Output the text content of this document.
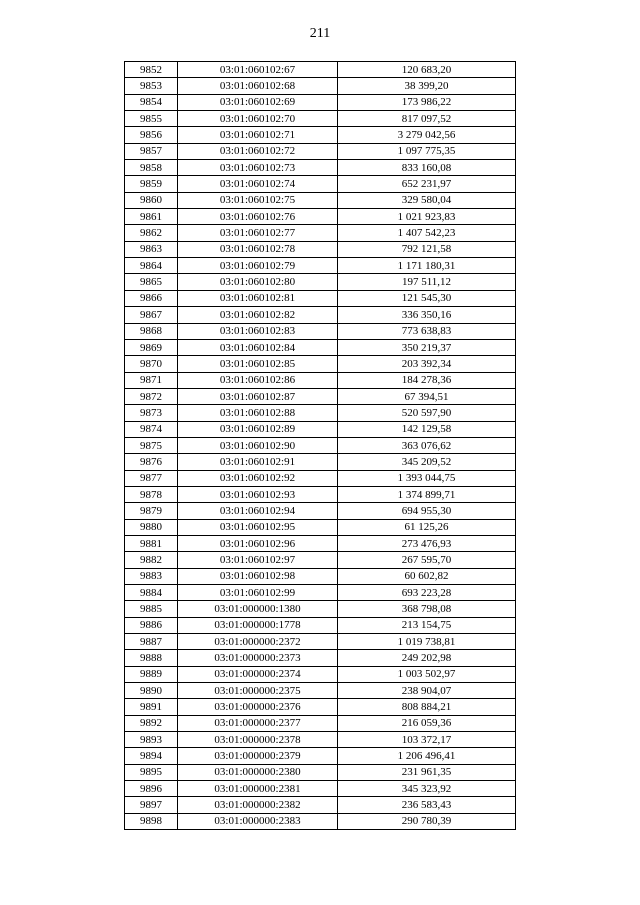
211
9852	03:01:060102:67	120 683,20
9853	03:01:060102:68	38 399,20
9854	03:01:060102:69	173 986,22
9855	03:01:060102:70	817 097,52
9856	03:01:060102:71	3 279 042,56
9857	03:01:060102:72	1 097 775,35
9858	03:01:060102:73	833 160,08
9859	03:01:060102:74	652 231,97
9860	03:01:060102:75	329 580,04
9861	03:01:060102:76	1 021 923,83
9862	03:01:060102:77	1 407 542,23
9863	03:01:060102:78	792 121,58
9864	03:01:060102:79	1 171 180,31
9865	03:01:060102:80	197 511,12
9866	03:01:060102:81	121 545,30
9867	03:01:060102:82	336 350,16
9868	03:01:060102:83	773 638,83
9869	03:01:060102:84	350 219,37
9870	03:01:060102:85	203 392,34
9871	03:01:060102:86	184 278,36
9872	03:01:060102:87	67 394,51
9873	03:01:060102:88	520 597,90
9874	03:01:060102:89	142 129,58
9875	03:01:060102:90	363 076,62
9876	03:01:060102:91	345 209,52
9877	03:01:060102:92	1 393 044,75
9878	03:01:060102:93	1 374 899,71
9879	03:01:060102:94	694 955,30
9880	03:01:060102:95	61 125,26
9881	03:01:060102:96	273 476,93
9882	03:01:060102:97	267 595,70
9883	03:01:060102:98	60 602,82
9884	03:01:060102:99	693 223,28
9885	03:01:000000:1380	368 798,08
9886	03:01:000000:1778	213 154,75
9887	03:01:000000:2372	1 019 738,81
9888	03:01:000000:2373	249 202,98
9889	03:01:000000:2374	1 003 502,97
9890	03:01:000000:2375	238 904,07
9891	03:01:000000:2376	808 884,21
9892	03:01:000000:2377	216 059,36
9893	03:01:000000:2378	103 372,17
9894	03:01:000000:2379	1 206 496,41
9895	03:01:000000:2380	231 961,35
9896	03:01:000000:2381	345 323,92
9897	03:01:000000:2382	236 583,43
9898	03:01:000000:2383	290 780,39
